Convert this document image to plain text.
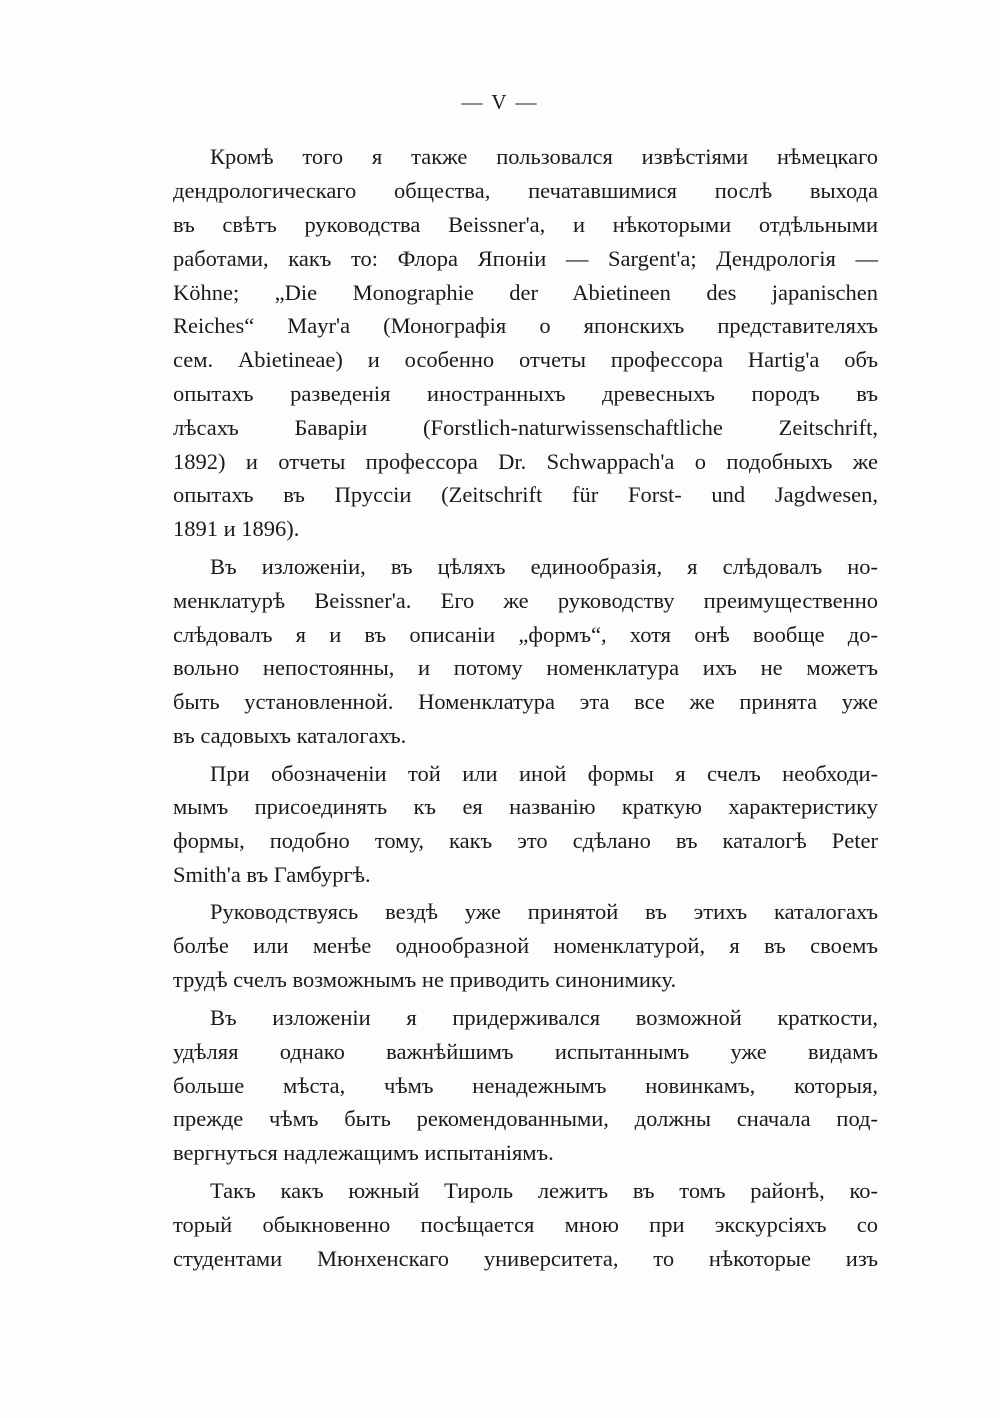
— V —
Кромѣ того я также пользовался извѣстіями нѣмецкаго
дендрологическаго общества, печатавшимися послѣ выхода
въ свѣтъ руководства Beissner'a, и нѣкоторыми отдѣльными
работами, какъ то: Флора Японіи — Sargent'a; Дендрологія —
Köhne; „Die Monographie der Abietineen des japanischen
Reiches“ Mayr'a (Монографія о японскихъ представителяхъ
сем. Abietineae) и особенно отчеты профессора Hartig'a объ
опытахъ разведенія иностранныхъ древесныхъ породъ въ
лѣсахъ Баваріи (Forstlich-naturwissenschaftliche Zeitschrift,
1892) и отчеты профессора Dr. Schwappach'a о подобныхъ же
опытахъ въ Пруссіи (Zeitschrift für Forst- und Jagdwesen,
1891 и 1896).
Въ изложеніи, въ цѣляхъ единообразія, я слѣдовалъ но-
менклатурѣ Beissner'a. Его же руководству преимущественно
слѣдовалъ я и въ описаніи „формъ“, хотя онѣ вообще до-
вольно непостоянны, и потому номенклатура ихъ не можетъ
быть установленной. Номенклатура эта все же принята уже
въ садовыхъ каталогахъ.
При обозначеніи той или иной формы я счелъ необходи-
мымъ присоединять къ ея названію краткую характеристику
формы, подобно тому, какъ это сдѣлано въ каталогѣ Peter
Smith'a въ Гамбургѣ.
Руководствуясь вездѣ уже принятой въ этихъ каталогахъ
болѣе или менѣе однообразной номенклатурой, я въ своемъ
трудѣ счелъ возможнымъ не приводить синонимику.
Въ изложеніи я придерживался возможной краткости,
удѣляя однако важнѣйшимъ испытаннымъ уже видамъ
больше мѣста, чѣмъ ненадежнымъ новинкамъ, которыя,
прежде чѣмъ быть рекомендованными, должны сначала под-
вергнуться надлежащимъ испытаніямъ.
Такъ какъ южный Тироль лежитъ въ томъ районѣ, ко-
торый обыкновенно посѣщается мною при экскурсіяхъ со
студентами Мюнхенскаго университета, то нѣкоторые изъ
